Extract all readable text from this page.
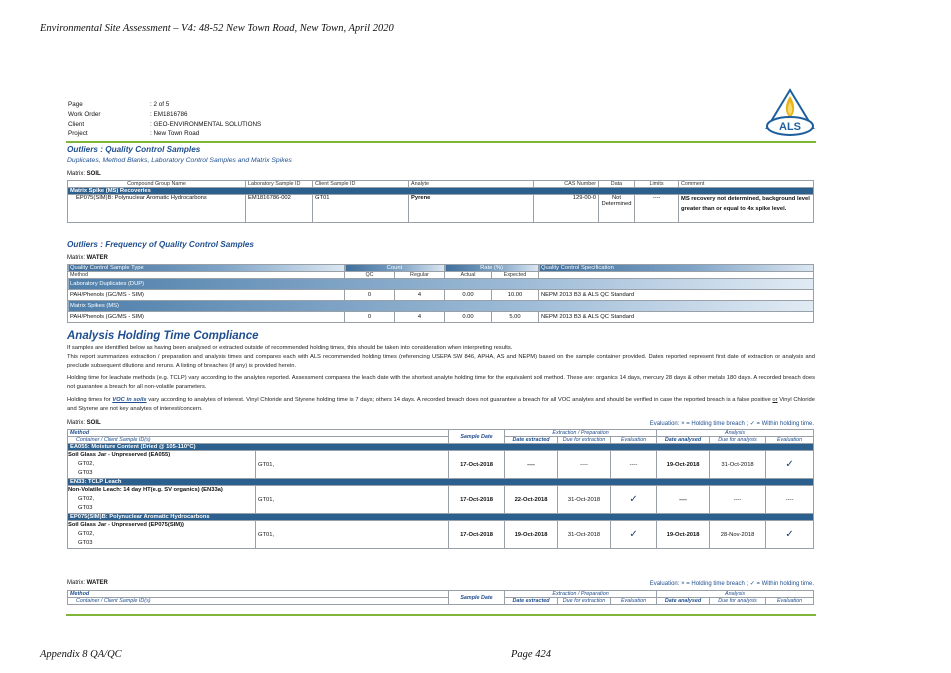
Environmental Site Assessment – V4: 48-52 New Town Road, New Town, April 2020
Appendix 8 QA/QC	Page 424
Page	: 2 of 5
Work Order	: EM1816786
Client	: GEO-ENVIRONMENTAL SOLUTIONS
Project	: New Town Road
ALS
Outliers : Quality Control Samples
Duplicates, Method Blanks, Laboratory Control Samples and Matrix Spikes
Matrix: SOIL
Compound Group Name	Laboratory Sample ID	Client Sample ID	Analyte	CAS Number	Data	Limits	Comment
Matrix Spike (MS) Recoveries							
EP075(SIM)B: Polynuclear Aromatic Hydrocarbons	EM1816786-002	GT01	Pyrene	129-00-0	Not Determined	----	MS recovery not determined, background level greater than or equal to 4x spike level.
Outliers : Frequency of Quality Control Samples
Matrix: WATER
Quality Control Sample Type	Count		Rate (%)		Quality Control Specification
Method	QC	Regular	Actual	Expected	
Laboratory Duplicates (DUP)					
PAH/Phenols (GC/MS - SIM)	0	4	0.00	10.00	NEPM 2013 B3 & ALS QC Standard
Matrix Spikes (MS)					
PAH/Phenols (GC/MS - SIM)	0	4	0.00	5.00	NEPM 2013 B3 & ALS QC Standard
Analysis Holding Time Compliance
If samples are identified below as having been analysed or extracted outside of recommended holding times, this should be taken into consideration when interpreting results.
This report summarizes extraction / preparation and analysis times and compares each with ALS recommended holding times (referencing USEPA SW 846, APHA, AS and NEPM) based on the sample container provided. Dates reported represent first date of extraction or analysis and preclude subsequent dilutions and reruns. A listing of breaches (if any) is provided herein.
Holding time for leachate methods (e.g. TCLP) vary according to the analytes reported. Assessment compares the leach date with the shortest analyte holding time for the equivalent soil method. These are: organics 14 days, mercury 28 days & other metals 180 days. A recorded breach does not guarantee a breach for all non-volatile parameters.
Holding times for VOC in soils vary according to analytes of interest. Vinyl Chloride and Styrene holding time is 7 days; others 14 days. A recorded breach does not guarantee a breach for all VOC analytes and should be verified in case the reported breach is a false positive or Vinyl Chloride and Styrene are not key analytes of interest/concern.
Matrix: SOIL	Evaluation: × = Holding time breach ; ✓ = Within holding time.
Method		Sample Date	Extraction / Preparation			Analysis		
Container / Client Sample ID(s)			Date extracted	Due for extraction	Evaluation	Date analysed	Due for analysis	Evaluation
EA055: Moisture Content (Dried @ 105-110°C)								

Soil Glass Jar - Unpreserved (EA055)
GT02,
GT03	GT01,	17-Oct-2018	----	----	----	19-Oct-2018	31-Oct-2018	✓
EN33: TCLP Leach								

Non-Volatile Leach: 14 day HT(e.g. SV organics) (EN33a)
GT02,
GT03	GT01,	17-Oct-2018	22-Oct-2018	31-Oct-2018	✓	----	----	----
EP075(SIM)B: Polynuclear Aromatic Hydrocarbons								

Soil Glass Jar - Unpreserved (EP075(SIM))
GT02,
GT03	GT01,	17-Oct-2018	19-Oct-2018	31-Oct-2018	✓	19-Oct-2018	28-Nov-2018	✓
Matrix: WATER	Evaluation: × = Holding time breach ; ✓ = Within holding time.
Method	Sample Date	Extraction / Preparation			Analysis		
Container / Client Sample ID(s)		Date extracted	Due for extraction	Evaluation	Date analysed	Due for analysis	Evaluation
